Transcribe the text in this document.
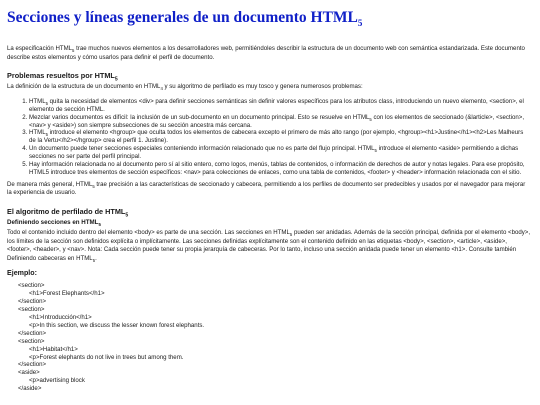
Secciones y líneas generales de un documento $HTML_5$

La especificación $HTML_5$ trae muchos nuevos elementos a los desarrolladores web, permitiéndoles describir la estructura de un documento web con semántica estandarizada. Este documento describe estos elementos y cómo usarlos para definir el perfil de documento.

Problemas resueltos por $HTML_5$

La definición de la estructura de un documento en $HTML_4$ y su algoritmo de perfilado es muy tosco y genera numerosos problemas:

1. $HTML_5$ quita la necesidad de elementos <div> para definir secciones semánticas sin definir valores específicos para los atributos class, introduciendo un nuevo elemento, <section>, el elemento de sección HTML.
2. Mezclar varios documentos es difícil: la inclusión de un sub-documento en un documento principal. Esto se resuelve en $HTML_5$ con los elementos de seccionado (&larticle>, <section>, <nav> y <aside>) son siempre subsecciones de su sección ancestra más cercana.
3. $HTML_5$ introduce el elemento <hgroup> que oculta todos los elementos de cabecera excepto el primero de más alto rango (por ejemplo, <hgroup><h1>Justine</h1><h2>Les Malheurs de la Vertu</h2></hgroup> crea el perfil 1. Justine).
4. Un documento puede tener secciones especiales conteniendo información relacionado que no es parte del flujo principal. $HTML_5$ introduce el elemento <aside> permitiendo a dichas secciones no ser parte del perfil principal.
5. Hay información relacionada no al documento pero sí al sitio entero, como logos, menús, tablas de contenidos, o información de derechos de autor y notas legales. Para ese propósito, HTML5 introduce tres elementos de sección específicos: <nav> para colecciones de enlaces, como una tabla de contenidos, <footer> y <header> información relacionada con el sitio.

De manera más general, $HTML_5$ trae precisión a las características de seccionado y cabecera, permitiendo a los perfiles de documento ser predecibles y usados por el navegador para mejorar la experiencia de usuario.

El algoritmo de perfilado de $HTML_5$
Definiendo secciones en $HTML_5$

Todo el contenido incluido dentro del elemento <body> es parte de una sección. Las secciones en $HTML_5$ pueden ser anidadas. Además de la sección principal, definida por el elemento <body>, los límites de la sección son definidos explícita o implícitamente. Las secciones definidas explícitamente son el contenido definido en las etiquetas <body>, <section>, <article>, <aside>, <footer>, <header>, y <nav>. Nota: Cada sección puede tener su propia jerarquía de cabeceras. Por lo tanto, incluso una sección anidada puede tener un elemento <h1>. Consulte también Definiendo cabeceras en $HTML_5$.

Ejemplo:
<section>
<h1>Forest Elephants</h1>
</section>
<section>
<h1>Introducción</h1>
<p>In this section, we discuss the lesser known forest elephants.
</section>
<section>
<h1>Habitat</h1>
<p>Forest elephants do not live in trees but among them.
</section>
<aside>
<p>advertising block
</aside>
